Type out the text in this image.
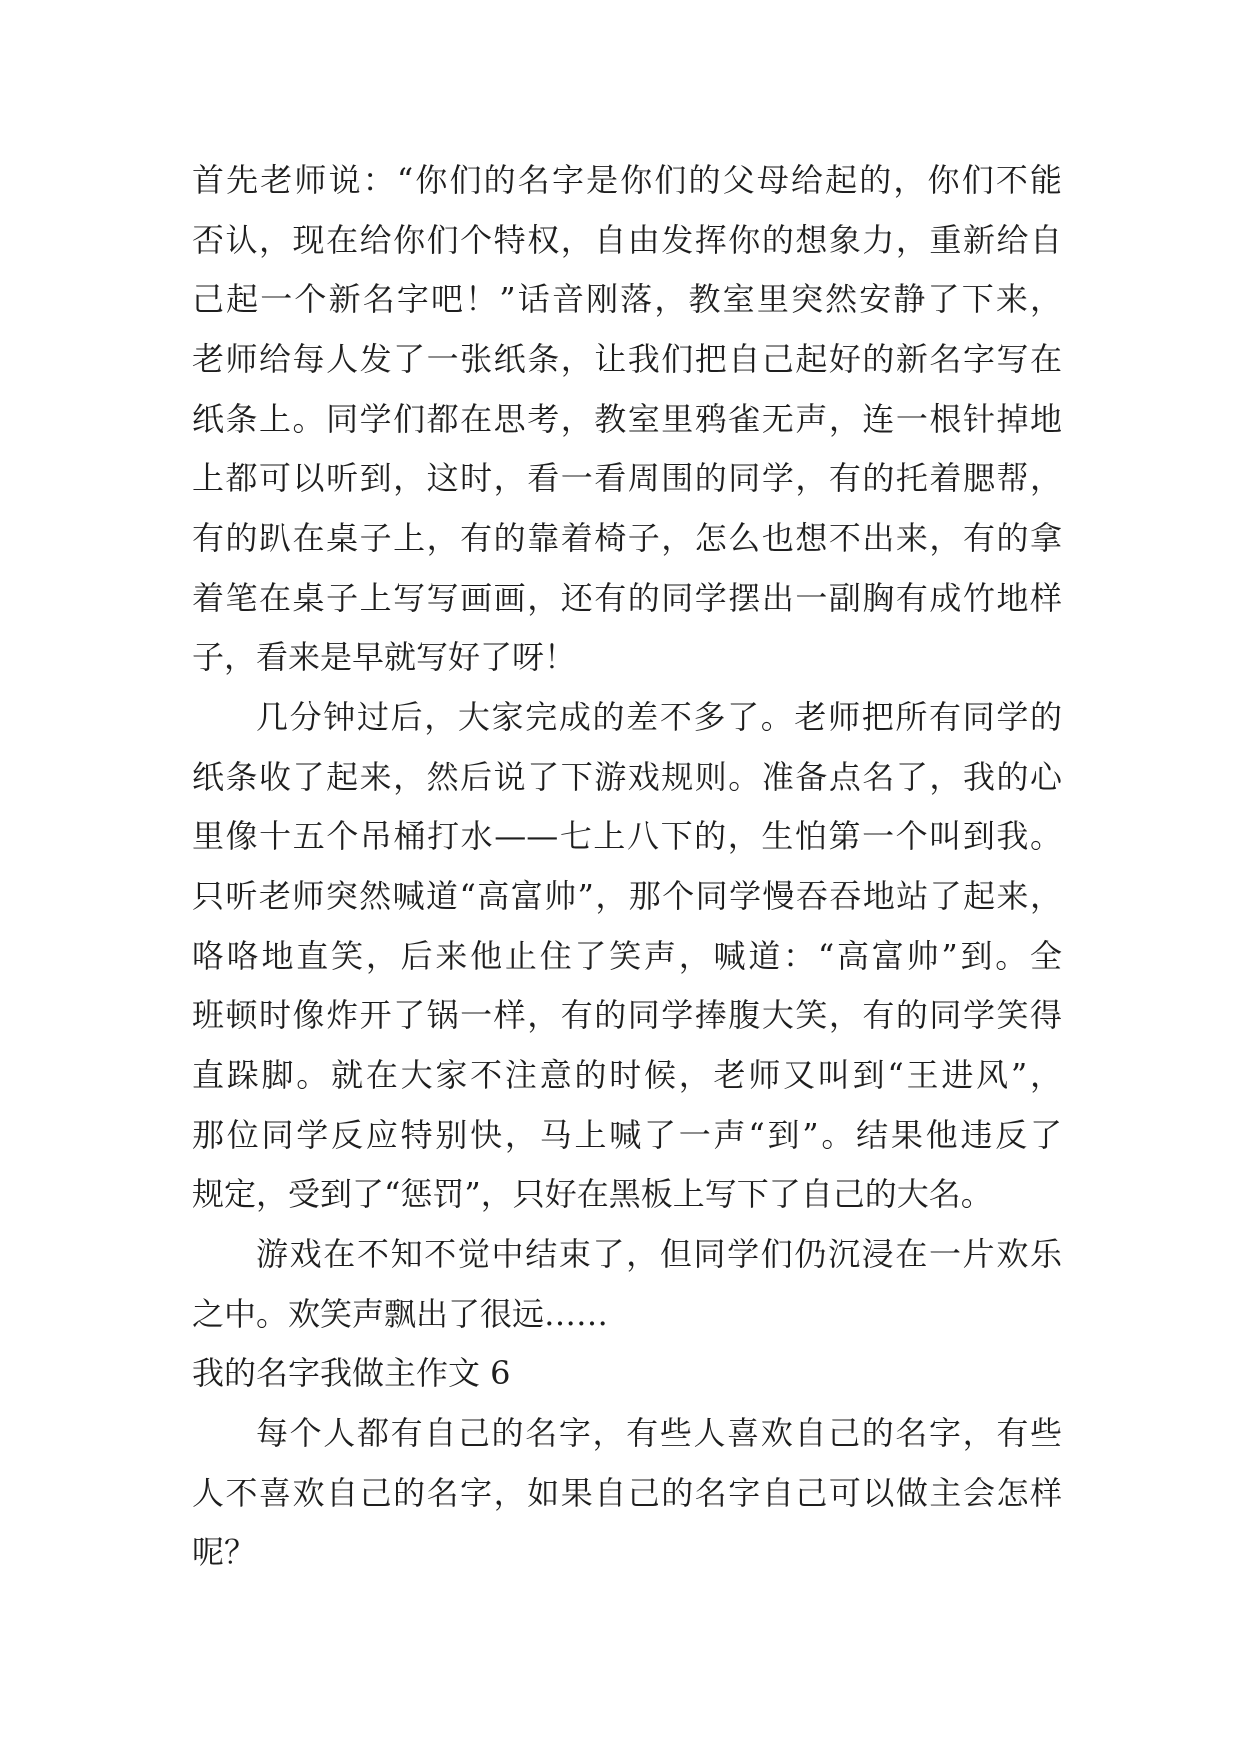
首先老师说：“你们的名字是你们的父母给起的，你们不能
否认，现在给你们个特权，自由发挥你的想象力，重新给自
己起一个新名字吧！”话音刚落，教室里突然安静了下来，
老师给每人发了一张纸条，让我们把自己起好的新名字写在
纸条上。同学们都在思考，教室里鸦雀无声，连一根针掉地
上都可以听到，这时，看一看周围的同学，有的托着腮帮，
有的趴在桌子上，有的靠着椅子，怎么也想不出来，有的拿
着笔在桌子上写写画画，还有的同学摆出一副胸有成竹地样
子，看来是早就写好了呀！
几分钟过后，大家完成的差不多了。老师把所有同学的
纸条收了起来，然后说了下游戏规则。准备点名了，我的心
里像十五个吊桶打水——七上八下的，生怕第一个叫到我。
只听老师突然喊道“高富帅”，那个同学慢吞吞地站了起来，
咯咯地直笑，后来他止住了笑声，喊道：“高富帅”到。全
班顿时像炸开了锅一样，有的同学捧腹大笑，有的同学笑得
直跺脚。就在大家不注意的时候，老师又叫到“王进风”，
那位同学反应特别快，马上喊了一声“到”。结果他违反了
规定，受到了“惩罚”，只好在黑板上写下了自己的大名。
游戏在不知不觉中结束了，但同学们仍沉浸在一片欢乐
之中。欢笑声飘出了很远……
我的名字我做主作文 6
每个人都有自己的名字，有些人喜欢自己的名字，有些
人不喜欢自己的名字，如果自己的名字自己可以做主会怎样
呢？
